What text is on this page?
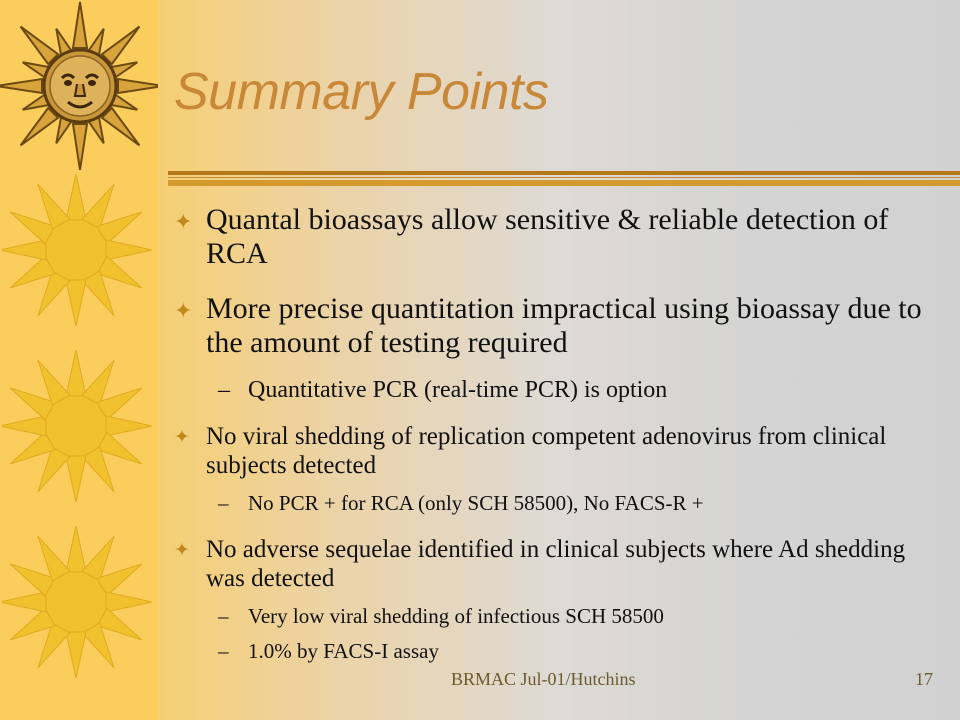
Summary Points
✦ Quantal bioassays allow sensitive & reliable detection of RCA
✦ More precise quantitation impractical using bioassay due to the amount of testing required
– Quantitative PCR (real-time PCR) is option
✦ No viral shedding of replication competent adenovirus from clinical subjects detected
– No PCR + for RCA (only SCH 58500), No FACS-R +
✦ No adverse sequelae identified in clinical subjects where Ad shedding was detected
– Very low viral shedding of infectious SCH 58500
– 1.0% by FACS-I assay
BRMAC Jul-01/Hutchins	17
